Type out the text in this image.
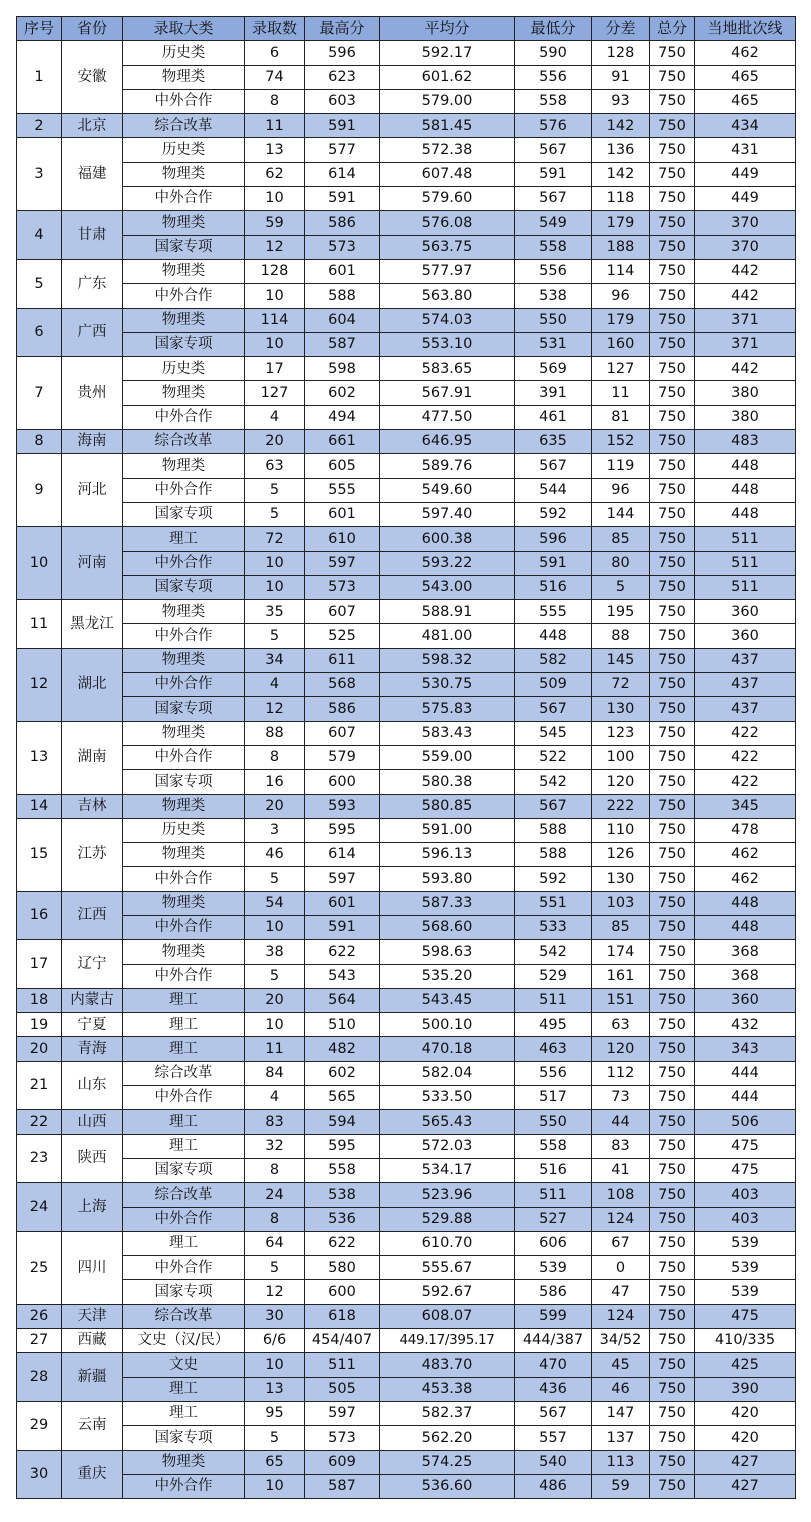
序号	省份	录取大类	录取数	最高分	平均分	最低分	分差	总分	当地批次线
1	安徽	历史类	6	596	592.17	590	128	750	462
		物理类	74	623	601.62	556	91	750	465
		中外合作	8	603	579.00	558	93	750	465
2	北京	综合改革	11	591	581.45	576	142	750	434
3	福建	历史类	13	577	572.38	567	136	750	431
		物理类	62	614	607.48	591	142	750	449
		中外合作	10	591	579.60	567	118	750	449
4	甘肃	物理类	59	586	576.08	549	179	750	370
		国家专项	12	573	563.75	558	188	750	370
5	广东	物理类	128	601	577.97	556	114	750	442
		中外合作	10	588	563.80	538	96	750	442
6	广西	物理类	114	604	574.03	550	179	750	371
		国家专项	10	587	553.10	531	160	750	371
7	贵州	历史类	17	598	583.65	569	127	750	442
		物理类	127	602	567.91	391	11	750	380
		中外合作	4	494	477.50	461	81	750	380
8	海南	综合改革	20	661	646.95	635	152	750	483
9	河北	物理类	63	605	589.76	567	119	750	448
		中外合作	5	555	549.60	544	96	750	448
		国家专项	5	601	597.40	592	144	750	448
10	河南	理工	72	610	600.38	596	85	750	511
		中外合作	10	597	593.22	591	80	750	511
		国家专项	10	573	543.00	516	5	750	511
11	黑龙江	物理类	35	607	588.91	555	195	750	360
		中外合作	5	525	481.00	448	88	750	360
12	湖北	物理类	34	611	598.32	582	145	750	437
		中外合作	4	568	530.75	509	72	750	437
		国家专项	12	586	575.83	567	130	750	437
13	湖南	物理类	88	607	583.43	545	123	750	422
		中外合作	8	579	559.00	522	100	750	422
		国家专项	16	600	580.38	542	120	750	422
14	吉林	物理类	20	593	580.85	567	222	750	345
15	江苏	历史类	3	595	591.00	588	110	750	478
		物理类	46	614	596.13	588	126	750	462
		中外合作	5	597	593.80	592	130	750	462
16	江西	物理类	54	601	587.33	551	103	750	448
		中外合作	10	591	568.60	533	85	750	448
17	辽宁	物理类	38	622	598.63	542	174	750	368
		中外合作	5	543	535.20	529	161	750	368
18	内蒙古	理工	20	564	543.45	511	151	750	360
19	宁夏	理工	10	510	500.10	495	63	750	432
20	青海	理工	11	482	470.18	463	120	750	343
21	山东	综合改革	84	602	582.04	556	112	750	444
		中外合作	4	565	533.50	517	73	750	444
22	山西	理工	83	594	565.43	550	44	750	506
23	陕西	理工	32	595	572.03	558	83	750	475
		国家专项	8	558	534.17	516	41	750	475
24	上海	综合改革	24	538	523.96	511	108	750	403
		中外合作	8	536	529.88	527	124	750	403
25	四川	理工	64	622	610.70	606	67	750	539
		中外合作	5	580	555.67	539	0	750	539
		国家专项	12	600	592.67	586	47	750	539
26	天津	综合改革	30	618	608.07	599	124	750	475
27	西藏	文史（汉/民）	6/6	454/407	449.17/395.17	444/387	34/52	750	410/335
28	新疆	文史	10	511	483.70	470	45	750	425
		理工	13	505	453.38	436	46	750	390
29	云南	理工	95	597	582.37	567	147	750	420
		国家专项	5	573	562.20	557	137	750	420
30	重庆	物理类	65	609	574.25	540	113	750	427
		中外合作	10	587	536.60	486	59	750	427
